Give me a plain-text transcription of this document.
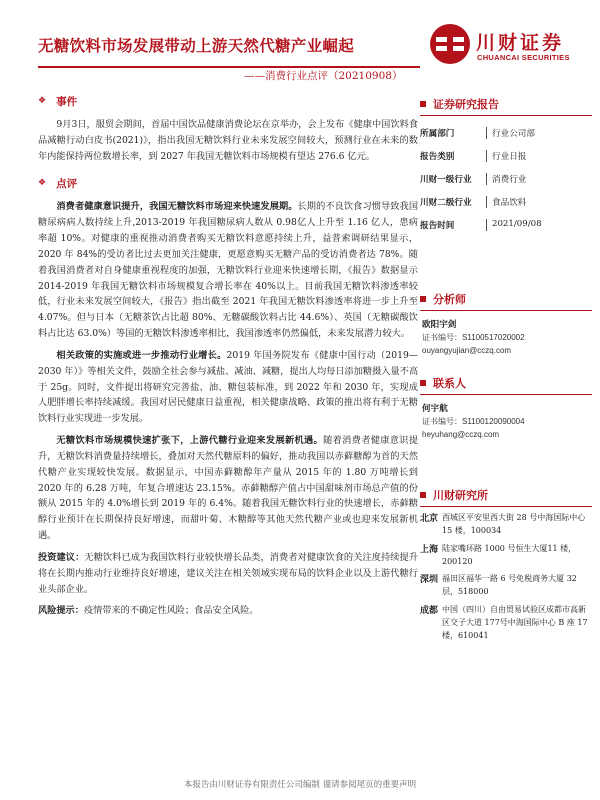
无糖饮料市场发展带动上游天然代糖产业崛起	川财证券
CHUANCAI SECURITIES
——消费行业点评（20210908）
❖ 事件

9月3日，服贸会期间，首届中国饮品健康消费论坛在京举办，会上发布《健康中国饮料食品减糖行动白皮书(2021)》，指出我国无糖饮料行业未来发展空间较大，预测行业在未来的数年内能保持两位数增长率，到 2027 年我国无糖饮料市场规模有望达 276.6 亿元。

❖ 点评

消费者健康意识提升，我国无糖饮料市场迎来快速发展期。长期的不良饮食习惯导致我国糖尿病病人数持续上升,2013-2019 年我国糖尿病人数从 0.98亿人上升至 1.16 亿人，患病率超 10%。对健康的重视推动消费者购买无糖饮料意愿持续上升，益普索调研结果显示，2020 年 84%的受访者比过去更加关注健康，更愿意购买无糖产品的受访消费者达 78%。随着我国消费者对自身健康重视程度的加强，无糖饮料行业迎来快速增长期，《报告》数据显示 2014-2019 年我国无糖饮料市场规模复合增长率在 40%以上。目前我国无糖饮料渗透率较低，行业未来发展空间较大，《报告》指出截至 2021 年我国无糖饮料渗透率将进一步上升至 4.07%。但与日本（无糖茶饮占比超 80%、无糖碳酸饮料占比 44.6%）、英国（无糖碳酸饮料占比达 63.0%）等国的无糖饮料渗透率相比，我国渗透率仍然偏低，未来发展潜力较大。

相关政策的实施或进一步推动行业增长。2019 年国务院发布《健康中国行动（2019—2030 年）》等相关文件，鼓励全社会参与减盐、减油、减糖，提出人均每日添加糖摄入量不高于 25g。同时，文件提出将研究完善盐、油、糖包装标准，到 2022 年和 2030 年，实现成人肥胖增长率持续减缓。我国对居民健康日益重视，相关健康战略、政策的推出将有利于无糖饮料行业实现进一步发展。

无糖饮料市场规模快速扩张下，上游代糖行业迎来发展新机遇。随着消费者健康意识提升，无糖饮料消费量持续增长，叠加对天然代糖原料的偏好，推动我国以赤藓糖醇为首的天然代糖产业实现较快发展。数据显示，中国赤藓糖醇年产量从 2015 年的 1.80 万吨增长到 2020 年的 6.28 万吨，年复合增速达 23.15%。赤藓糖醇产值占中国甜味剂市场总产值的份额从 2015 年的 4.0%增长到 2019 年的 6.4%。随着我国无糖饮料行业的快速增长，赤藓糖醇行业预计在长期保持良好增速，而甜叶菊、木糖醇等其他天然代糖产业或也迎来发展新机遇。

投资建议：无糖饮料已成为我国饮料行业较快增长品类，消费者对健康饮食的关注度持续提升将在长期内推动行业维持良好增速，建议关注在相关领域实现布局的饮料企业以及上游代糖行业头部企业。

风险提示：疫情带来的不确定性风险；食品安全风险。

证券研究报告
所属部门	行业公司部
报告类别	行业日报
川财一级行业	消费行业
川财二级行业	食品饮料
报告时间	2021/09/08
分析师
欧阳宇剑
证书编号：S1100517020002
ouyangyujian@cczq.com
联系人
何宇航
证书编号：S1100120090004
heyuhang@cczq.com
川财研究所
北京 西城区平安里西大街 28 号中海国际中心 15 楼，100034
上海 陆家嘴环路 1000 号恒生大厦11 楼，200120
深圳 福田区福华一路 6 号免税商务大厦 32 层，518000
成都 中国（四川）自由贸易试验区成都市高新区交子大道 177号中海国际中心 B 座 17 楼，610041
本报告由川财证券有限责任公司编制 谨请参阅尾页的重要声明
